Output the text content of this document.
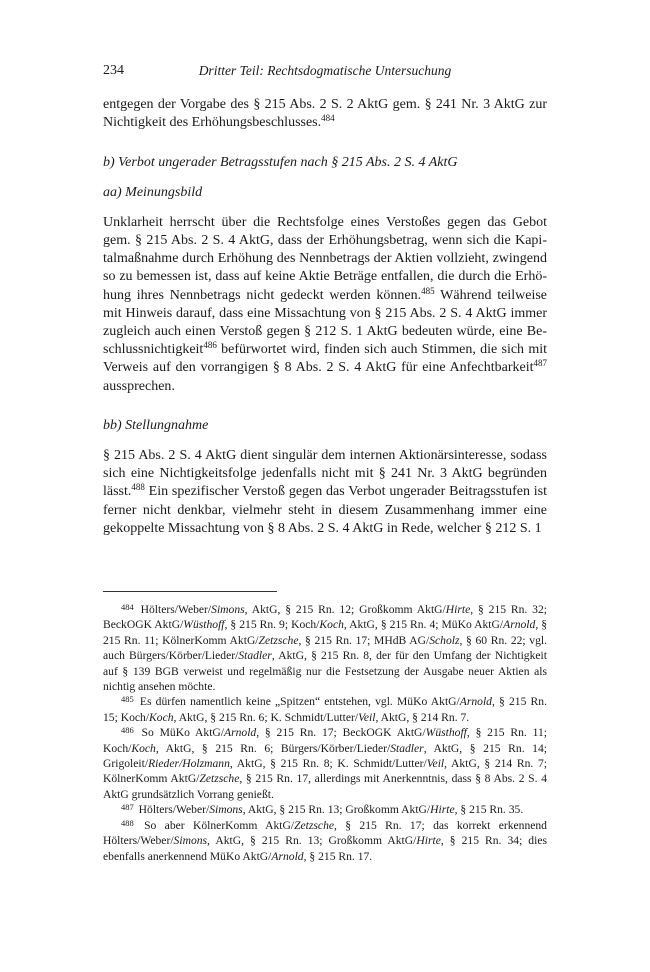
234	Dritter Teil: Rechtsdogmatische Untersuchung

entgegen der Vorgabe des § 215 Abs. 2 S. 2 AktG gem. § 241 Nr. 3 AktG zur Nichtigkeit des Erhöhungsbeschlusses.$^{484}$

b) Verbot ungerader Betragsstufen nach § 215 Abs. 2 S. 4 AktG
aa) Meinungsbild

Unklarheit herrscht über die Rechtsfolge eines Verstoßes gegen das Gebot gem. § 215 Abs. 2 S. 4 AktG, dass der Erhöhungsbetrag, wenn sich die Kapitalmaßnahme durch Erhöhung des Nennbetrags der Aktien vollzieht, zwingend so zu bemessen ist, dass auf keine Aktie Beträge entfallen, die durch die Erhöhung ihres Nennbetrags nicht gedeckt werden können.$^{485}$ Während teilweise mit Hinweis darauf, dass eine Missachtung von § 215 Abs. 2 S. 4 AktG immer zugleich auch einen Verstoß gegen § 212 S. 1 AktG bedeuten würde, eine Beschlussnichtigkeit$^{486}$ befürwortet wird, finden sich auch Stimmen, die sich mit Verweis auf den vorrangigen § 8 Abs. 2 S. 4 AktG für eine Anfechtbarkeit$^{487}$ aussprechen.

bb) Stellungnahme

§ 215 Abs. 2 S. 4 AktG dient singulär dem internen Aktionärsinteresse, sodass sich eine Nichtigkeitsfolge jedenfalls nicht mit § 241 Nr. 3 AktG begründen lässt.$^{488}$ Ein spezifischer Verstoß gegen das Verbot ungerader Beitragsstufen ist ferner nicht denkbar, vielmehr steht in diesem Zusammenhang immer eine gekoppelte Missachtung von § 8 Abs. 2 S. 4 AktG in Rede, welcher § 212 S. 1

$^{484}$ Hölters/Weber/Simons, AktG, § 215 Rn. 12; Großkomm AktG/Hirte, § 215 Rn. 32; BeckOGK AktG/Wüsthoff, § 215 Rn. 9; Koch/Koch, AktG, § 215 Rn. 4; MüKo AktG/Arnold, § 215 Rn. 11; KölnerKomm AktG/Zetzsche, § 215 Rn. 17; MHdB AG/Scholz, § 60 Rn. 22; vgl. auch Bürgers/Körber/Lieder/Stadler, AktG, § 215 Rn. 8, der für den Umfang der Nichtigkeit auf § 139 BGB verweist und regelmäßig nur die Festsetzung der Ausgabe neuer Aktien als nichtig ansehen möchte.

$^{485}$ Es dürfen namentlich keine „Spitzen“ entstehen, vgl. MüKo AktG/Arnold, § 215 Rn. 15; Koch/Koch, AktG, § 215 Rn. 6; K. Schmidt/Lutter/Veil, AktG, § 214 Rn. 7.

$^{486}$ So MüKo AktG/Arnold, § 215 Rn. 17; BeckOGK AktG/Wüsthoff, § 215 Rn. 11; Koch/Koch, AktG, § 215 Rn. 6; Bürgers/Körber/Lieder/Stadler, AktG, § 215 Rn. 14; Grigoleit/Rieder/Holzmann, AktG, § 215 Rn. 8; K. Schmidt/Lutter/Veil, AktG, § 214 Rn. 7; KölnerKomm AktG/Zetzsche, § 215 Rn. 17, allerdings mit Anerkenntnis, dass § 8 Abs. 2 S. 4 AktG grundsätzlich Vorrang genießt.

$^{487}$ Hölters/Weber/Simons, AktG, § 215 Rn. 13; Großkomm AktG/Hirte, § 215 Rn. 35.

$^{488}$ So aber KölnerKomm AktG/Zetzsche, § 215 Rn. 17; das korrekt erkennend Hölters/Weber/Simons, AktG, § 215 Rn. 13; Großkomm AktG/Hirte, § 215 Rn. 34; dies ebenfalls anerkennend MüKo AktG/Arnold, § 215 Rn. 17.
